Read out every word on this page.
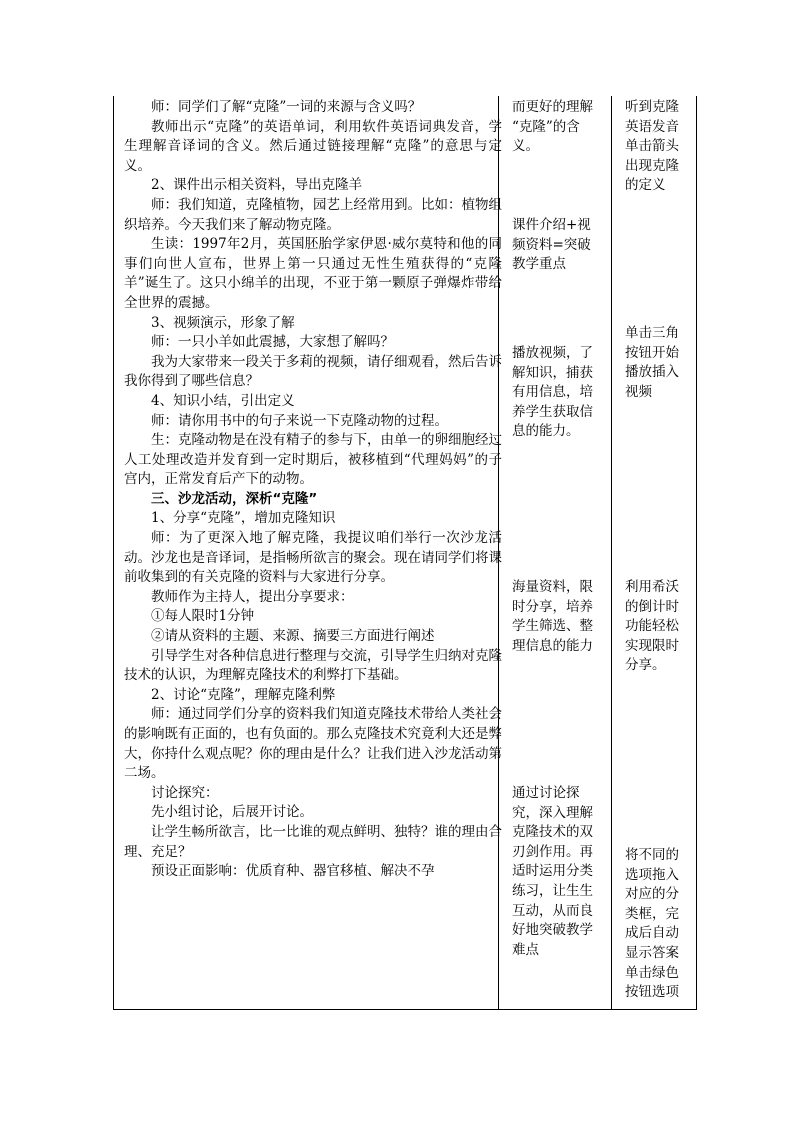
师：同学们了解“克隆”一词的来源与含义吗？

教师出示“克隆”的英语单词，利用软件英语词典发音，学生理解音译词的含义。然后通过链接理解“克隆”的意思与定义。

2、课件出示相关资料，导出克隆羊

师：我们知道，克隆植物，园艺上经常用到。比如：植物组织培养。今天我们来了解动物克隆。

生读：1997年2月，英国胚胎学家伊恩·威尔莫特和他的同事们向世人宣布，世界上第一只通过无性生殖获得的“克隆羊”诞生了。这只小绵羊的出现，不亚于第一颗原子弹爆炸带给全世界的震撼。

3、视频演示，形象了解

师：一只小羊如此震撼，大家想了解吗？

我为大家带来一段关于多莉的视频，请仔细观看，然后告诉我你得到了哪些信息？

4、知识小结，引出定义

师：请你用书中的句子来说一下克隆动物的过程。

生：克隆动物是在没有精子的参与下，由单一的卵细胞经过人工处理改造并发育到一定时期后，被移植到“代理妈妈”的子宫内，正常发育后产下的动物。

三、沙龙活动，深析“克隆”

1、分享“克隆”，增加克隆知识

师：为了更深入地了解克隆，我提议咱们举行一次沙龙活动。沙龙也是音译词，是指畅所欲言的聚会。现在请同学们将课前收集到的有关克隆的资料与大家进行分享。

教师作为主持人，提出分享要求：

①每人限时1分钟

②请从资料的主题、来源、摘要三方面进行阐述

引导学生对各种信息进行整理与交流，引导学生归纳对克隆技术的认识，为理解克隆技术的利弊打下基础。

2、讨论“克隆”，理解克隆利弊

师：通过同学们分享的资料我们知道克隆技术带给人类社会的影响既有正面的，也有负面的。那么克隆技术究竟利大还是弊大，你持什么观点呢？你的理由是什么？让我们进入沙龙活动第二场。

讨论探究：

先小组讨论，后展开讨论。

让学生畅所欲言，比一比谁的观点鲜明、独特？谁的理由合理、充足？

预设正面影响：优质育种、器官移植、解决不孕

而更好的理解
“克隆”的含
义。

课件介绍+视
频资料=突破
教学重点

播放视频，了
解知识，捕获
有用信息，培
养学生获取信
息的能力。

海量资料，限
时分享，培养
学生筛选、整
理信息的能力

通过讨论探
究，深入理解
克隆技术的双
刃剑作用。再
适时运用分类
练习，让生生
互动，从而良
好地突破教学
难点

听到克隆
英语发音
单击箭头
出现克隆
的定义

单击三角
按钮开始
播放插入
视频

利用希沃
的倒计时
功能轻松
实现限时
分享。

将不同的
选项拖入
对应的分
类框，完
成后自动
显示答案
单击绿色
按钮选项
